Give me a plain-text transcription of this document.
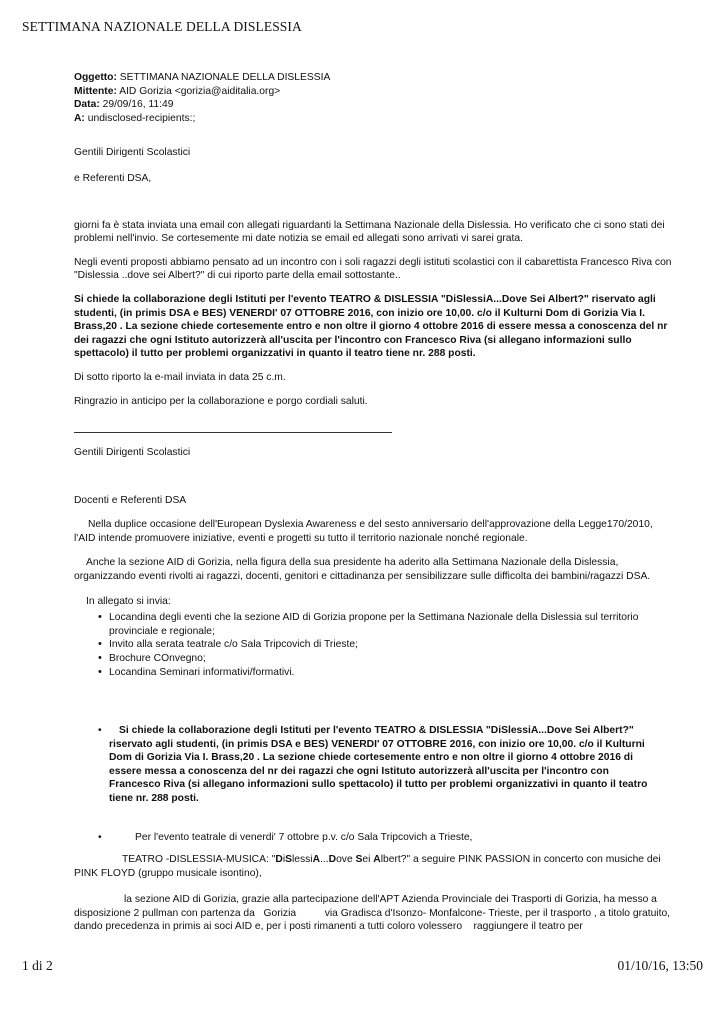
SETTIMANA NAZIONALE DELLA DISLESSIA
Oggetto: SETTIMANA NAZIONALE DELLA DISLESSIA
Mittente: AID Gorizia <gorizia@aiditalia.org>
Data: 29/09/16, 11:49
A: undisclosed-recipients:;

Gentili Dirigenti Scolastici

e Referenti DSA,

giorni fa è stata inviata una email con allegati riguardanti la Settimana Nazionale della Dislessia. Ho verificato che ci sono stati dei problemi nell'invio. Se cortesemente mi date notizia se email ed allegati sono arrivati vi sarei grata.

Negli eventi proposti abbiamo pensato ad un incontro con i soli ragazzi degli istituti scolastici con il cabarettista Francesco Riva con "Dislessia ..dove sei Albert?" di cui riporto parte della email sottostante..

Si chiede la collaborazione degli Istituti per l'evento TEATRO & DISLESSIA "DiSlessiA...Dove Sei Albert?" riservato agli studenti, (in primis DSA e BES) VENERDI' 07 OTTOBRE 2016, con inizio ore 10,00. c/o il Kulturni Dom di Gorizia Via I. Brass,20 . La sezione chiede cortesemente entro e non oltre il giorno 4 ottobre 2016 di essere messa a conoscenza del nr dei ragazzi che ogni Istituto autorizzerà all'uscita per l'incontro con Francesco Riva (si allegano informazioni sullo spettacolo) il tutto per problemi organizzativi in quanto il teatro tiene nr. 288 posti.

Di sotto riporto la e-mail inviata in data 25 c.m.

Ringrazio in anticipo per la collaborazione e porgo cordiali saluti.

Gentili Dirigenti Scolastici

Docenti e Referenti DSA

Nella duplice occasione dell'European Dyslexia Awareness e del sesto anniversario dell'approvazione della Legge170/2010, l'AID intende promuovere iniziative, eventi e progetti su tutto il territorio nazionale nonché regionale.

Anche la sezione AID di Gorizia, nella figura della sua presidente ha aderito alla Settimana Nazionale della Dislessia, organizzando eventi rivolti ai ragazzi, docenti, genitori e cittadinanza per sensibilizzare sulle difficolta dei bambini/ragazzi DSA.

In allegato si invia:

• Locandina degli eventi che la sezione AID di Gorizia propone per la Settimana Nazionale della Dislessia sul territorio provinciale e regionale;
• Invito alla serata teatrale c/o Sala Tripcovich di Trieste;
• Brochure COnvegno;
• Locandina Seminari informativi/formativi.
•	Si chiede la collaborazione degli Istituti per l'evento TEATRO & DISLESSIA "DiSlessiA...Dove Sei Albert?" riservato agli studenti, (in primis DSA e BES) VENERDI' 07 OTTOBRE 2016, con inizio ore 10,00. c/o il Kulturni Dom di Gorizia Via I. Brass,20 . La sezione chiede cortesemente entro e non oltre il giorno 4 ottobre 2016 di essere messa a conoscenza del nr dei ragazzi che ogni Istituto autorizzerà all'uscita per l'incontro con Francesco Riva (si allegano informazioni sullo spettacolo) il tutto per problemi organizzativi in quanto il teatro tiene nr. 288 posti.

•	Per l'evento teatrale di venerdi' 7 ottobre p.v. c/o Sala Tripcovich a Trieste,

TEATRO -DISLESSIA-MUSICA: "DiSlessiA...Dove Sei Albert?" a seguire PINK PASSION in concerto con musiche dei PINK FLOYD (gruppo musicale isontino),

la sezione AID di Gorizia, grazie alla partecipazione dell'APT Azienda Provinciale dei Trasporti di Gorizia, ha messo a disposizione 2 pullman con partenza da   Gorizia          via Gradisca d'Isonzo- Monfalcone- Trieste, per il trasporto , a titolo gratuito, dando precedenza in primis ai soci AID e, per i posti rimanenti a tutti coloro volessero    raggiungere il teatro per

1 di 2	01/10/16, 13:50
